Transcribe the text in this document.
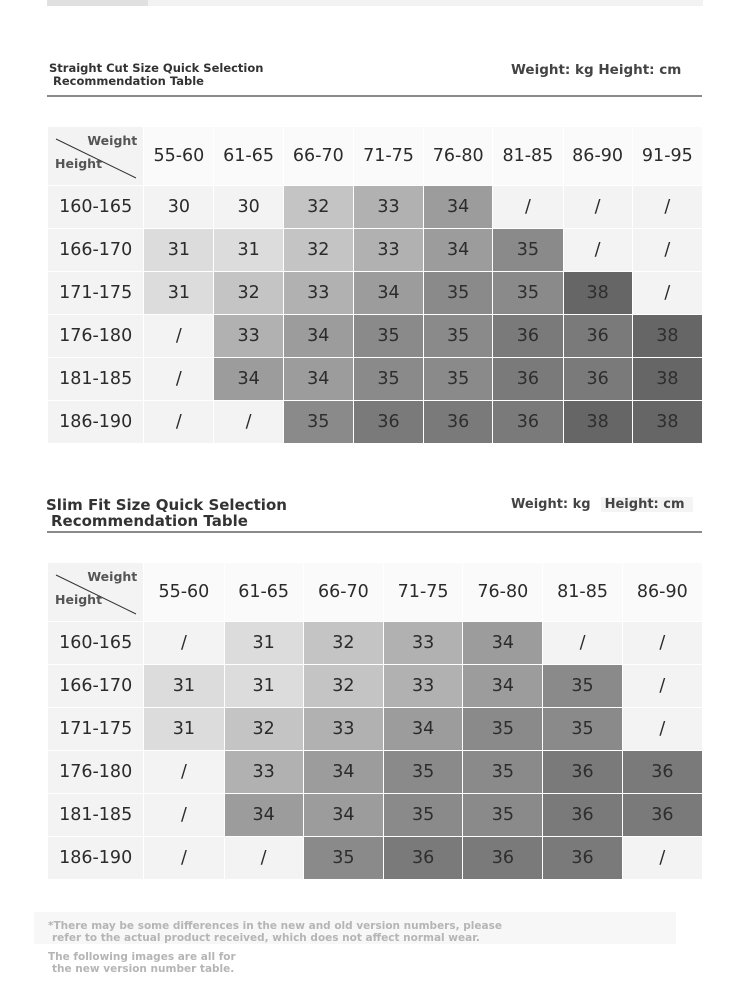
Straight Cut Size Quick Selection
Recommendation Table
Weight: kg Height: cm
Weight
Height	55-60	61-65	66-70	71-75	76-80	81-85	86-90	91-95
160-165	30	30	32	33	34	/	/	/
166-170	31	31	32	33	34	35	/	/
171-175	31	32	33	34	35	35	38	/
176-180	/	33	34	35	35	36	36	38
181-185	/	34	34	35	35	36	36	38
186-190	/	/	35	36	36	36	38	38
Slim Fit Size Quick Selection
Recommendation Table
Weight: kg Height: cm
Weight
Height	55-60	61-65	66-70	71-75	76-80	81-85	86-90
160-165	/	31	32	33	34	/	/
166-170	31	31	32	33	34	35	/
171-175	31	32	33	34	35	35	/
176-180	/	33	34	35	35	36	36
181-185	/	34	34	35	35	36	36
186-190	/	/	35	36	36	36	/
*There may be some differences in the new and old version numbers, please
refer to the actual product received, which does not affect normal wear.
The following images are all for
the new version number table.
